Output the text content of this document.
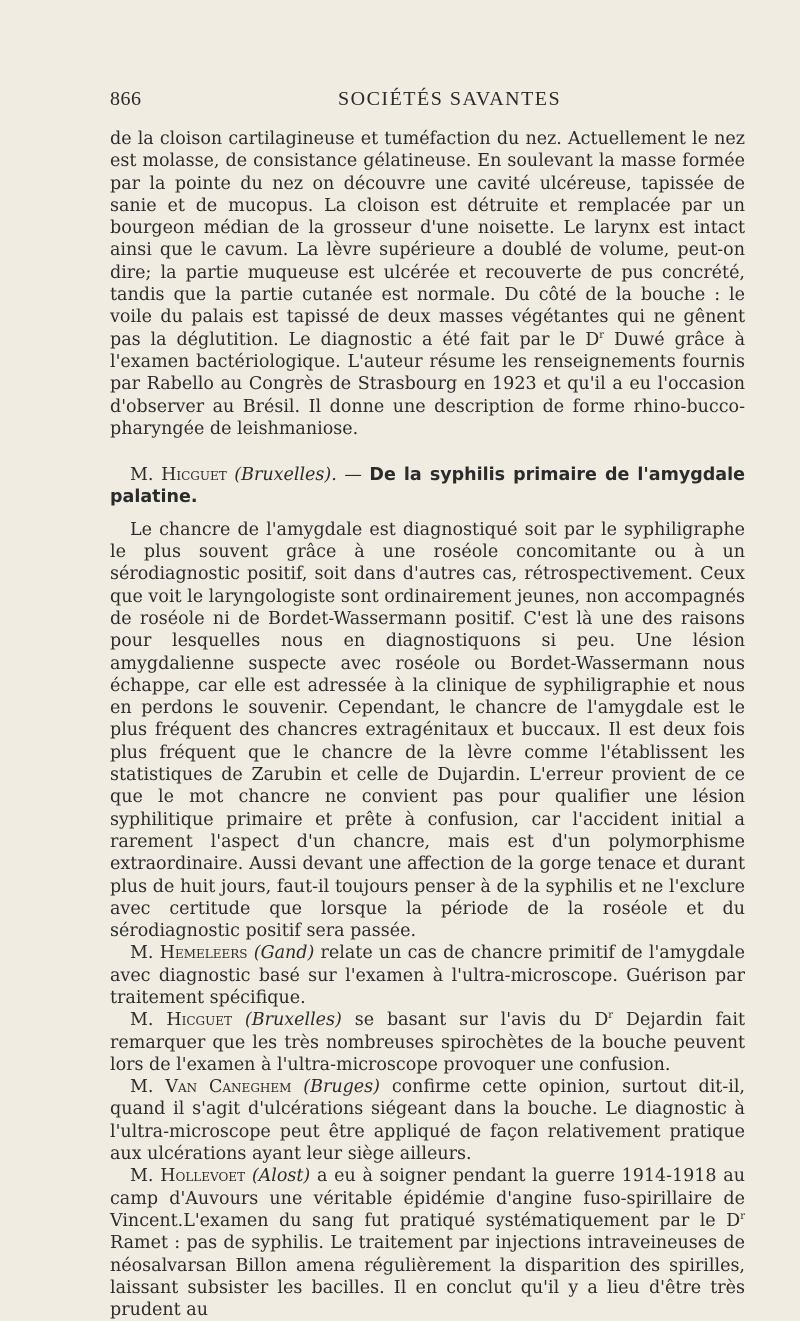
866	SOCIÉTÉS SAVANTES

de la cloison cartilagineuse et tuméfaction du nez. Actuellement le nez est molasse, de consistance gélatineuse. En soulevant la masse formée par la pointe du nez on découvre une cavité ulcéreuse, tapissée de sanie et de mucopus. La cloison est détruite et remplacée par un bourgeon médian de la grosseur d'une noisette. Le larynx est intact ainsi que le cavum. La lèvre supérieure a doublé de volume, peut-on dire; la partie muqueuse est ulcérée et recouverte de pus concrété, tandis que la partie cutanée est normale. Du côté de la bouche : le voile du palais est tapissé de deux masses végétantes qui ne gênent pas la déglutition. Le diagnostic a été fait par le $D^r$ Duwé grâce à l'examen bactériologique. L'auteur résume les renseignements fournis par Rabello au Congrès de Strasbourg en 1923 et qu'il a eu l'occasion d'observer au Brésil. Il donne une description de forme rhino-bucco-pharyngée de leishmaniose.

M. Hicguet (Bruxelles). — De la syphilis primaire de l'amygdale palatine.

Le chancre de l'amygdale est diagnostiqué soit par le syphiligraphe le plus souvent grâce à une roséole concomitante ou à un sérodiagnostic positif, soit dans d'autres cas, rétrospectivement. Ceux que voit le laryngologiste sont ordinairement jeunes, non accompagnés de roséole ni de Bordet-Wassermann positif. C'est là une des raisons pour lesquelles nous en diagnostiquons si peu. Une lésion amygdalienne suspecte avec roséole ou Bordet-Wassermann nous échappe, car elle est adressée à la clinique de syphiligraphie et nous en perdons le souvenir. Cependant, le chancre de l'amygdale est le plus fréquent des chancres extragénitaux et buccaux. Il est deux fois plus fréquent que le chancre de la lèvre comme l'établissent les statistiques de Zarubin et celle de Dujardin. L'erreur provient de ce que le mot chancre ne convient pas pour qualifier une lésion syphilitique primaire et prête à confusion, car l'accident initial a rarement l'aspect d'un chancre, mais est d'un polymorphisme extraordinaire. Aussi devant une affection de la gorge tenace et durant plus de huit jours, faut-il toujours penser à de la syphilis et ne l'exclure avec certitude que lorsque la période de la roséole et du sérodiagnostic positif sera passée.

M. Hemeleers (Gand) relate un cas de chancre primitif de l'amygdale avec diagnostic basé sur l'examen à l'ultra-microscope. Guérison par traitement spécifique.

M. Hicguet (Bruxelles) se basant sur l'avis du $D^r$ Dejardin fait remarquer que les très nombreuses spirochètes de la bouche peuvent lors de l'examen à l'ultra-microscope provoquer une confusion.

M. Van Caneghem (Bruges) confirme cette opinion, surtout dit-il, quand il s'agit d'ulcérations siégeant dans la bouche. Le diagnostic à l'ultra-microscope peut être appliqué de façon relativement pratique aux ulcérations ayant leur siège ailleurs.

M. Hollevoet (Alost) a eu à soigner pendant la guerre 1914-1918 au camp d'Auvours une véritable épidémie d'angine fuso-spirillaire de Vincent.L'examen du sang fut pratiqué systématiquement par le $D^r$ Ramet : pas de syphilis. Le traitement par injections intraveineuses de néosalvarsan Billon amena régulièrement la disparition des spirilles, laissant subsister les bacilles. Il en conclut qu'il y a lieu d'être très prudent au
